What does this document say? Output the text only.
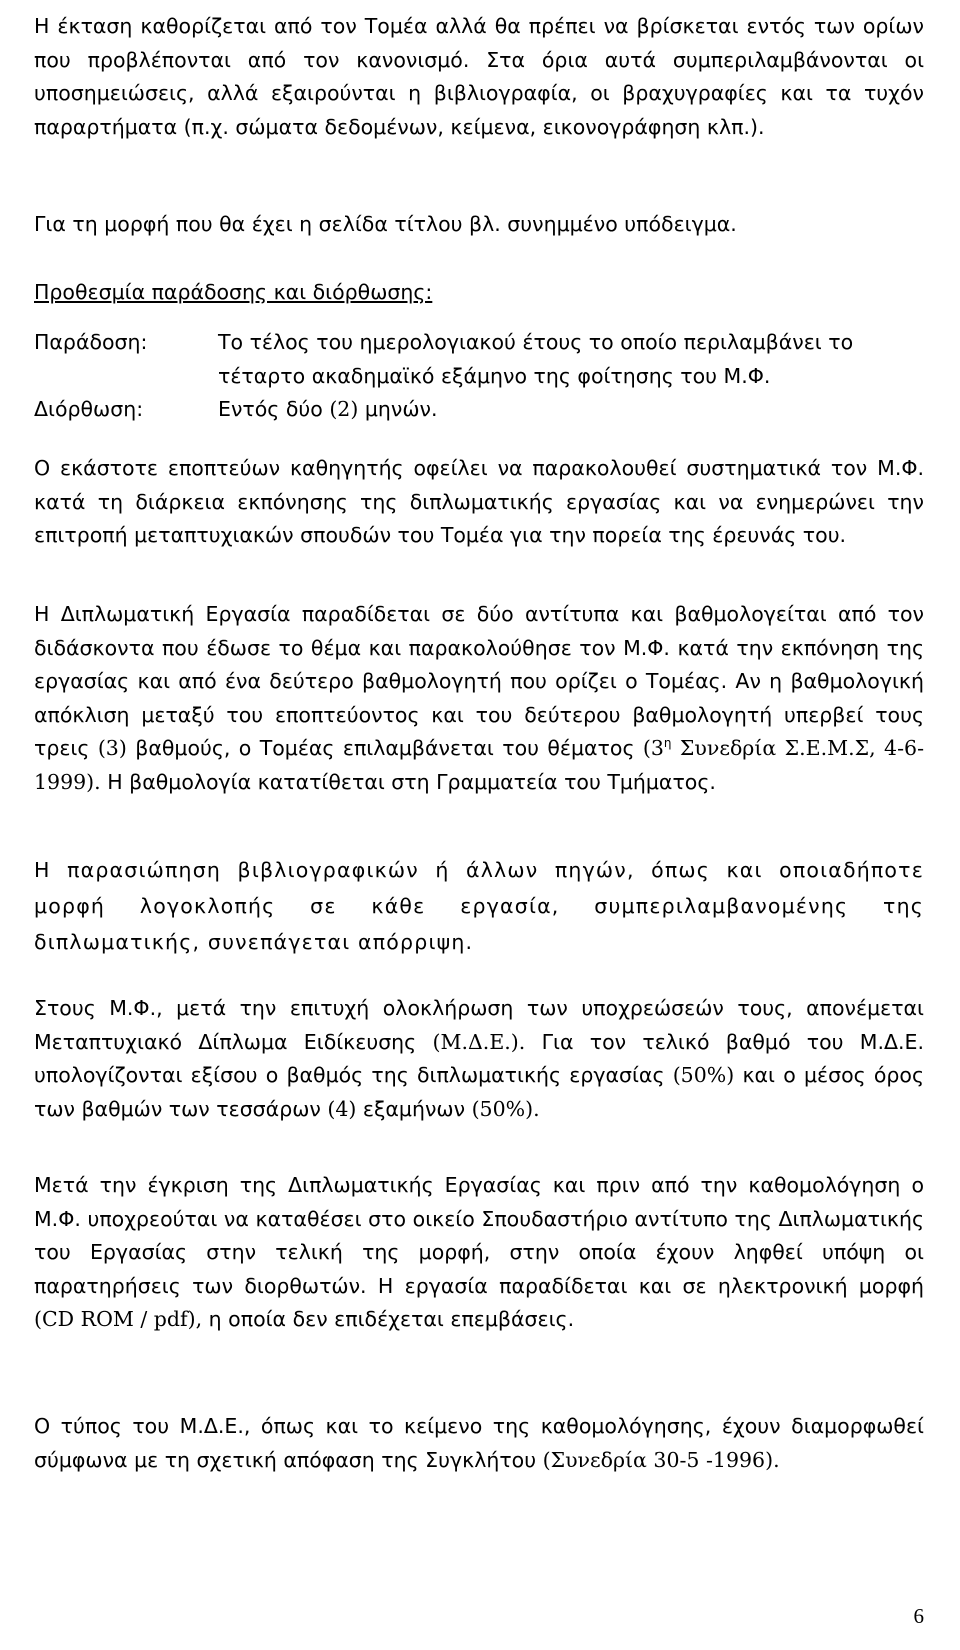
Η έκταση καθορίζεται από τον Τομέα αλλά θα πρέπει να βρίσκεται εντός των ορίων που προβλέπονται από τον κανονισμό. Στα όρια αυτά συμπεριλαμβάνονται οι υποσημειώσεις, αλλά εξαιρούνται η βιβλιογραφία, οι βραχυγραφίες και τα τυχόν παραρτήματα (π.χ. σώματα δεδομένων, κείμενα, εικονογράφηση κλπ.).

Για τη μορφή που θα έχει η σελίδα τίτλου βλ. συνημμένο υπόδειγμα.

Προθεσμία παράδοσης και διόρθωσης:

Παράδοση:	Το τέλος του ημερολογιακού έτους το οποίο περιλαμβάνει το τέταρτο ακαδημαϊκό εξάμηνο της φοίτησης του Μ.Φ.
Διόρθωση:	Εντός δύο (2) μηνών.

Ο εκάστοτε εποπτεύων καθηγητής οφείλει να παρακολουθεί συστηματικά τον Μ.Φ. κατά τη διάρκεια εκπόνησης της διπλωματικής εργασίας και να ενημερώνει την επιτροπή μεταπτυχιακών σπουδών του Τομέα για την πορεία της έρευνάς του.

Η Διπλωματική Εργασία παραδίδεται σε δύο αντίτυπα και βαθμολογείται από τον διδάσκοντα που έδωσε το θέμα και παρακολούθησε τον Μ.Φ. κατά την εκπόνηση της εργασίας και από ένα δεύτερο βαθμολογητή που ορίζει ο Τομέας. Αν η βαθμολογική απόκλιση μεταξύ του εποπτεύοντος και του δεύτερου βαθμολογητή υπερβεί τους τρεις (3) βαθμούς, ο Τομέας επιλαμβάνεται του θέματος ($3^\eta$ Συνεδρία Σ.Ε.Μ.Σ, 4-6-1999). Η βαθμολογία κατατίθεται στη Γραμματεία του Τμήματος.

Η παρασιώπηση βιβλιογραφικών ή άλλων πηγών, όπως και οποιαδήποτε μορφή λογοκλοπής σε κάθε εργασία, συμπεριλαμβανομένης της διπλωματικής, συνεπάγεται απόρριψη.

Στους Μ.Φ., μετά την επιτυχή ολοκλήρωση των υποχρεώσεών τους, απονέμεται Μεταπτυχιακό Δίπλωμα Ειδίκευσης (Μ.Δ.Ε.). Για τον τελικό βαθμό του Μ.Δ.Ε. υπολογίζονται εξίσου ο βαθμός της διπλωματικής εργασίας (50%) και ο μέσος όρος των βαθμών των τεσσάρων (4) εξαμήνων (50%).

Μετά την έγκριση της Διπλωματικής Εργασίας και πριν από την καθομολόγηση ο Μ.Φ. υποχρεούται να καταθέσει στο οικείο Σπουδαστήριο αντίτυπο της Διπλωματικής του Εργασίας στην τελική της μορφή, στην οποία έχουν ληφθεί υπόψη οι παρατηρήσεις των διορθωτών. Η εργασία παραδίδεται και σε ηλεκτρονική μορφή (CD ROM / pdf), η οποία δεν επιδέχεται επεμβάσεις.

Ο τύπος του Μ.Δ.Ε., όπως και το κείμενο της καθομολόγησης, έχουν διαμορφωθεί σύμφωνα με τη σχετική απόφαση της Συγκλήτου (Συνεδρία 30-5 -1996).

6
